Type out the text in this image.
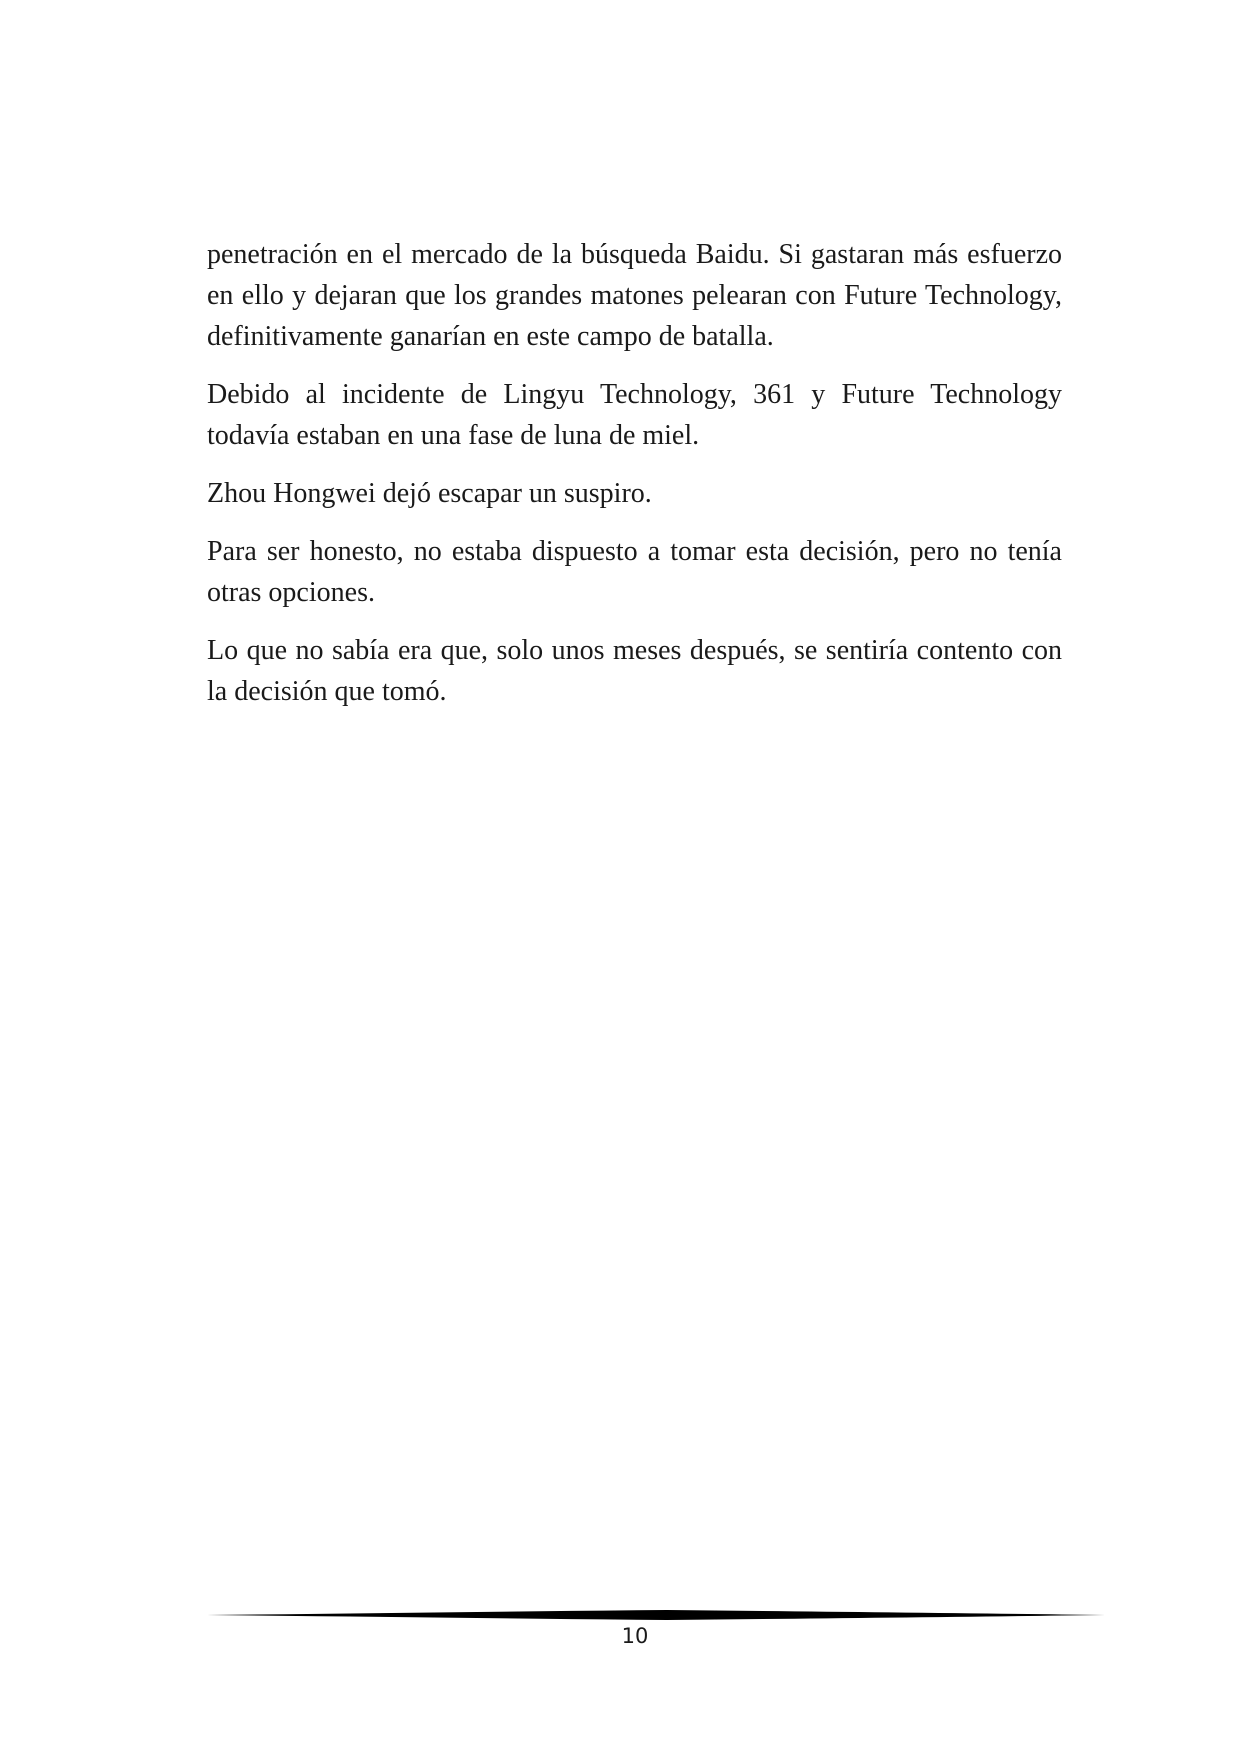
penetración en el mercado de la búsqueda Baidu. Si gastaran más esfuerzo en ello y dejaran que los grandes matones pelearan con Future Technology, definitivamente ganarían en este campo de batalla.

Debido al incidente de Lingyu Technology, 361 y Future Technology todavía estaban en una fase de luna de miel.

Zhou Hongwei dejó escapar un suspiro.

Para ser honesto, no estaba dispuesto a tomar esta decisión, pero no tenía otras opciones.

Lo que no sabía era que, solo unos meses después, se sentiría contento con la decisión que tomó.

10
